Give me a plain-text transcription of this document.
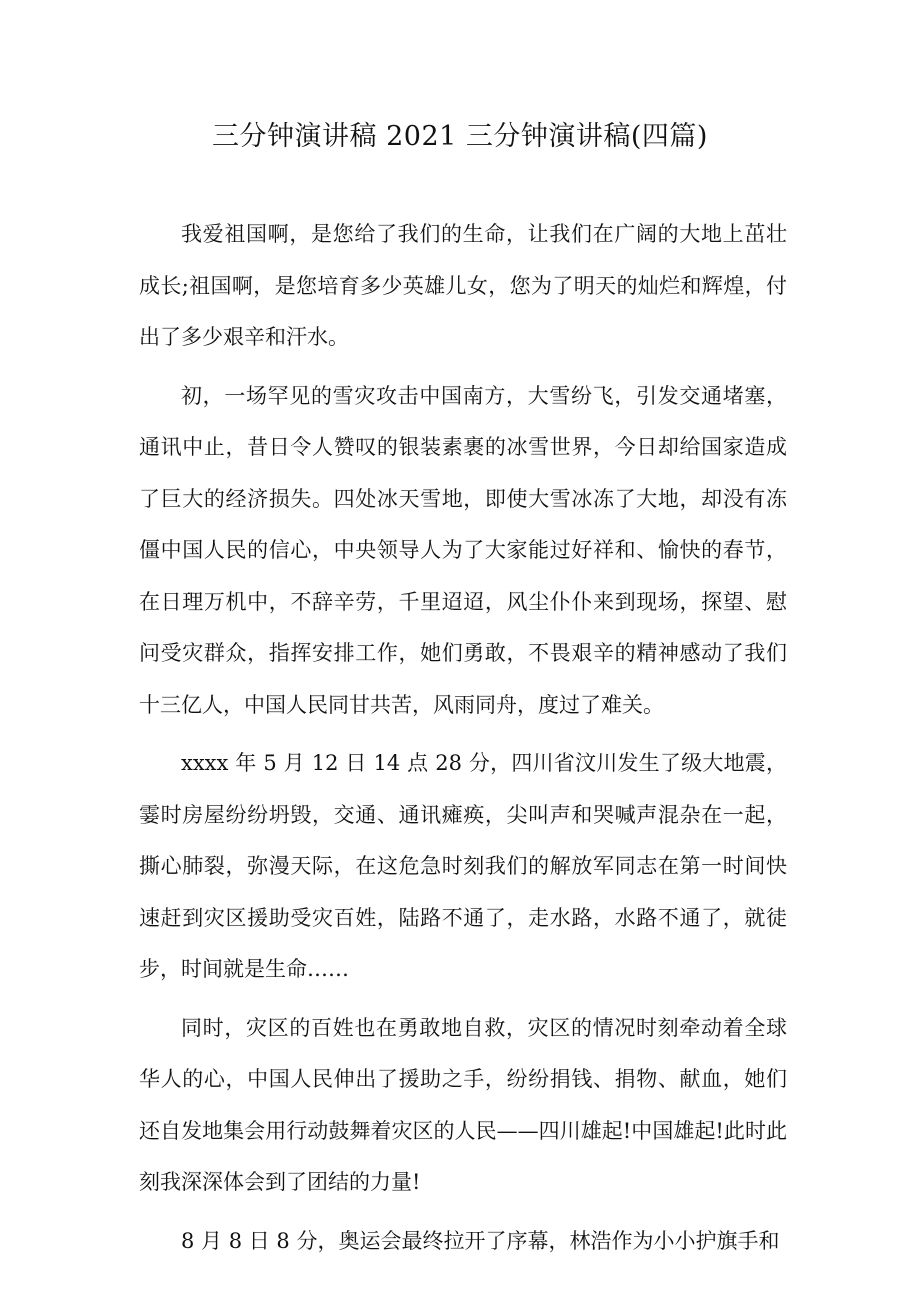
三分钟演讲稿 2021 三分钟演讲稿(四篇)

我爱祖国啊，是您给了我们的生命，让我们在广阔的大地上茁壮成长;祖国啊，是您培育多少英雄儿女，您为了明天的灿烂和辉煌，付出了多少艰辛和汗水。

初，一场罕见的雪灾攻击中国南方，大雪纷飞，引发交通堵塞，通讯中止，昔日令人赞叹的银装素裹的冰雪世界，今日却给国家造成了巨大的经济损失。四处冰天雪地，即使大雪冰冻了大地，却没有冻僵中国人民的信心，中央领导人为了大家能过好祥和、愉快的春节，在日理万机中，不辞辛劳，千里迢迢，风尘仆仆来到现场，探望、慰问受灾群众，指挥安排工作，她们勇敢，不畏艰辛的精神感动了我们十三亿人，中国人民同甘共苦，风雨同舟，度过了难关。

xxxx 年 5 月 12 日 14 点 28 分，四川省汶川发生了级大地震，霎时房屋纷纷坍毁，交通、通讯瘫痪，尖叫声和哭喊声混杂在一起，撕心肺裂，弥漫天际，在这危急时刻我们的解放军同志在第一时间快速赶到灾区援助受灾百姓，陆路不通了，走水路，水路不通了，就徒步，时间就是生命……

同时，灾区的百姓也在勇敢地自救，灾区的情况时刻牵动着全球华人的心，中国人民伸出了援助之手，纷纷捐钱、捐物、献血，她们还自发地集会用行动鼓舞着灾区的人民——四川雄起!中国雄起!此时此刻我深深体会到了团结的力量!

8 月 8 日 8 分，奥运会最终拉开了序幕，林浩作为小小护旗手和
